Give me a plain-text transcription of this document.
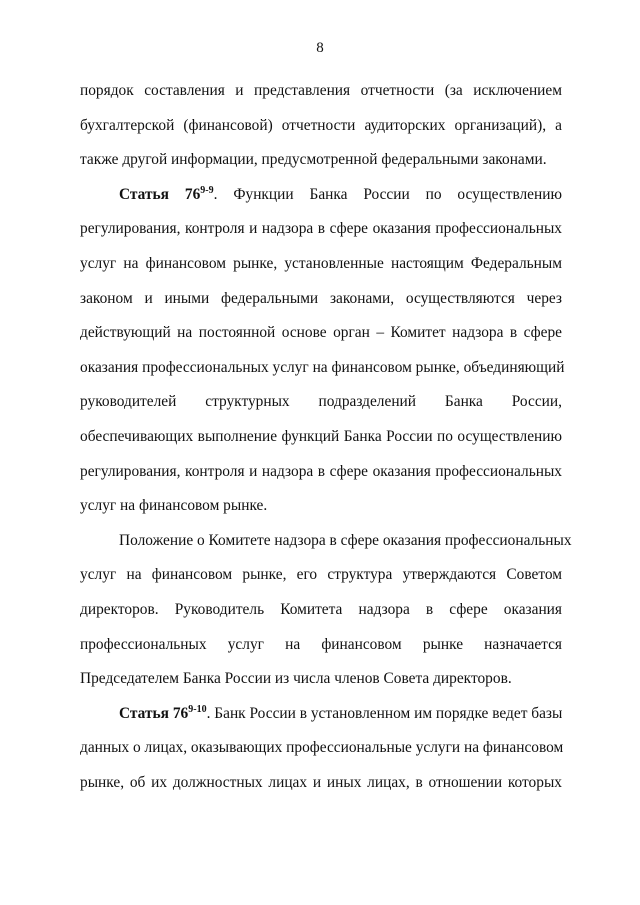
8
порядок составления и представления отчетности (за исключением
бухгалтерской (финансовой) отчетности аудиторских организаций), а
также другой информации, предусмотренной федеральными законами.
Статья 76$^{9-9}$. Функции Банка России по осуществлению
регулирования, контроля и надзора в сфере оказания профессиональных
услуг на финансовом рынке, установленные настоящим Федеральным
законом и иными федеральными законами, осуществляются через
действующий на постоянной основе орган – Комитет надзора в сфере
оказания профессиональных услуг на финансовом рынке, объединяющий
руководителей структурных подразделений Банка России,
обеспечивающих выполнение функций Банка России по осуществлению
регулирования, контроля и надзора в сфере оказания профессиональных
услуг на финансовом рынке.
Положение о Комитете надзора в сфере оказания профессиональных
услуг на финансовом рынке, его структура утверждаются Советом
директоров. Руководитель Комитета надзора в сфере оказания
профессиональных услуг на финансовом рынке назначается
Председателем Банка России из числа членов Совета директоров.
Статья 76$^{9-10}$. Банк России в установленном им порядке ведет базы
данных о лицах, оказывающих профессиональные услуги на финансовом
рынке, об их должностных лицах и иных лицах, в отношении которых
